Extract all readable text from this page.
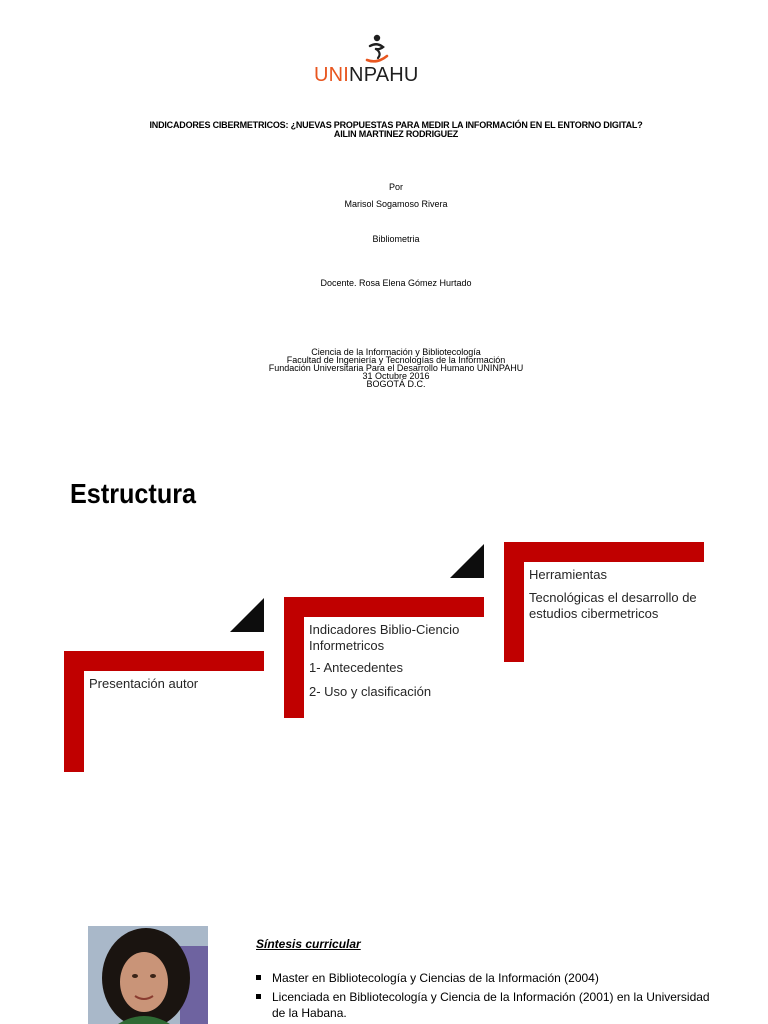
UNINPAHU
INDICADORES CIBERMETRICOS: ¿NUEVAS PROPUESTAS PARA MEDIR LA INFORMACIÓN EN EL ENTORNO DIGITAL?
AILIN MARTINEZ RODRIGUEZ
Por
Marisol Sogamoso Rivera
Bibliometria
Docente. Rosa Elena Gómez Hurtado
Ciencia de la Información y Bibliotecología
Facultad de Ingeniería y Tecnologías de la Información
Fundación Universitaria Para el Desarrollo Humano UNINPAHU
31 Octubre 2016
BOGOTÁ D.C.
Estructura
Presentación autor
Indicadores Biblio-Ciencio Informetricos
1- Antecedentes
2- Uso y clasificación
Herramientas
Tecnológicas el desarrollo de estudios cibermetricos
Síntesis curricular
Master en Bibliotecología y Ciencias de la Información (2004)
Licenciada en Bibliotecología y Ciencia de la Información (2001) en la Universidad de la Habana.
